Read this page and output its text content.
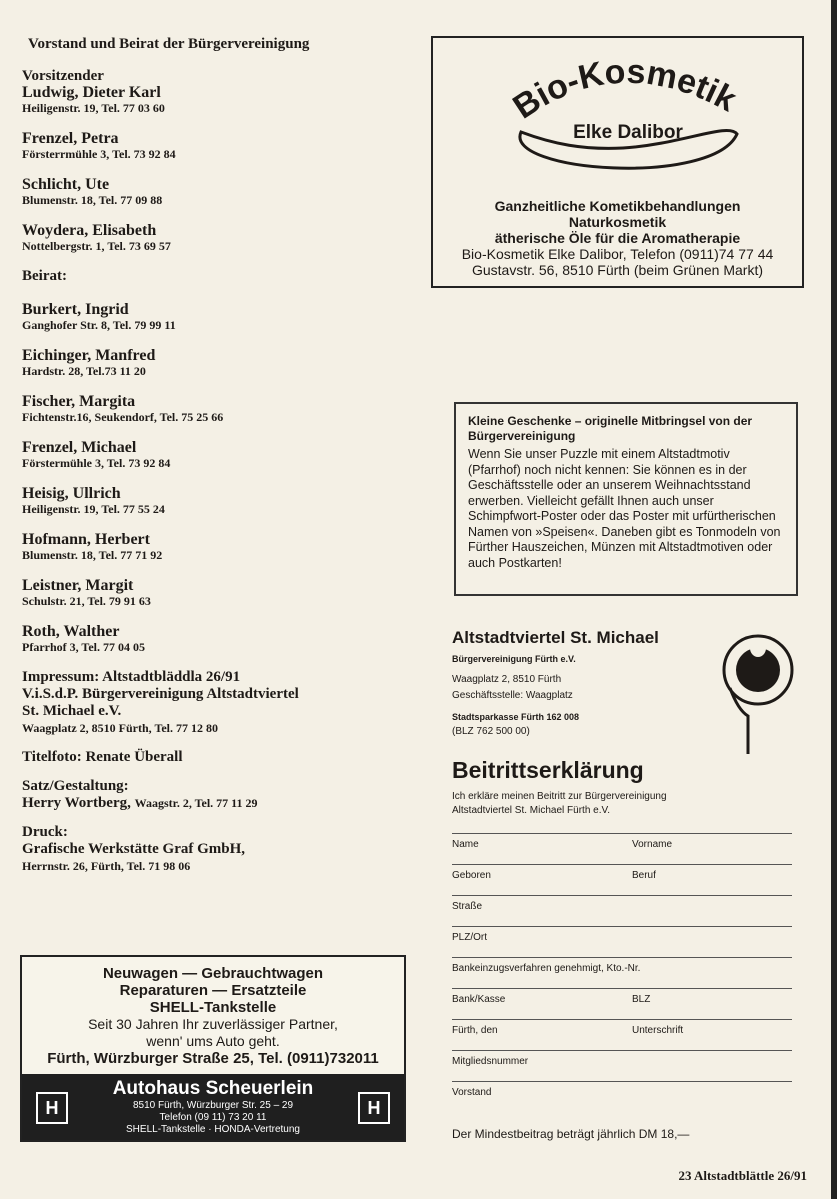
Vorstand und Beirat der Bürgervereinigung
Vorsitzender
Ludwig, Dieter Karl
Heiligenstr. 19, Tel. 77 03 60
Frenzel, Petra
Försterrmühle 3, Tel. 73 92 84
Schlicht, Ute
Blumenstr. 18, Tel. 77 09 88
Woydera, Elisabeth
Nottelbergstr. 1, Tel. 73 69 57
Beirat:
Burkert, Ingrid
Ganghofer Str. 8, Tel. 79 99 11
Eichinger, Manfred
Hardstr. 28, Tel.73 11 20
Fischer, Margita
Fichtenstr.16, Seukendorf, Tel. 75 25 66
Frenzel, Michael
Förstermühle 3, Tel. 73 92 84
Heisig, Ullrich
Heiligenstr. 19, Tel. 77 55 24
Hofmann, Herbert
Blumenstr. 18, Tel. 77 71 92
Leistner, Margit
Schulstr. 21, Tel. 79 91 63
Roth, Walther
Pfarrhof 3, Tel. 77 04 05
Impressum: Altstadtbläddla 26/91
V.i.S.d.P. Bürgervereinigung Altstadtviertel
St. Michael e.V.
Waagplatz 2, 8510 Fürth, Tel. 77 12 80
Titelfoto: Renate Überall
Satz/Gestaltung:
Herry Wortberg, Waagstr. 2, Tel. 77 11 29
Druck:
Grafische Werkstätte Graf GmbH,
Herrnstr. 26, Fürth, Tel. 71 98 06
Neuwagen — Gebrauchtwagen
Reparaturen — Ersatzteile
SHELL-Tankstelle
Seit 30 Jahren Ihr zuverlässiger Partner,
wenn' ums Auto geht.
Fürth, Würzburger Straße 25, Tel. (0911)732011
H	H
Autohaus Scheuerlein
8510 Fürth, Würzburger Str. 25 – 29
Telefon (09 11) 73 20 11
SHELL-Tankstelle · HONDA-Vertretung
Bio-Kosmetik
Elke Dalibor
Ganzheitliche Kometikbehandlungen
Naturkosmetik
ätherische Öle für die Aromatherapie
Bio-Kosmetik Elke Dalibor, Telefon (0911)74 77 44
Gustavstr. 56, 8510 Fürth (beim Grünen Markt)
Kleine Geschenke – originelle Mitbringsel von der Bürgervereinigung
Wenn Sie unser Puzzle mit einem Altstadtmotiv (Pfarrhof) noch nicht kennen: Sie können es in der Geschäftsstelle oder an unserem Weihnachtsstand erwerben. Vielleicht gefällt Ihnen auch unser Schimpfwort-Poster oder das Poster mit urfürtherischen Namen von »Speisen«. Daneben gibt es Tonmodeln von Fürther Hauszeichen, Münzen mit Altstadtmotiven oder auch Postkarten!
Altstadtviertel St. Michael
Bürgervereinigung Fürth e.V.
Waagplatz 2, 8510 Fürth
Geschäftsstelle: Waagplatz
Stadtsparkasse Fürth 162 008
(BLZ 762 500 00)
Beitrittserklärung
Ich erkläre meinen Beitritt zur Bürgervereinigung
Altstadtviertel St. Michael Fürth e.V.
Name	Vorname
Geboren	Beruf
Straße
PLZ/Ort
Bankeinzugsverfahren genehmigt, Kto.-Nr.
Bank/Kasse	BLZ
Fürth, den	Unterschrift
Mitgliedsnummer
Vorstand
Der Mindestbeitrag beträgt jährlich DM 18,—
23 Altstadtblättle 26/91
